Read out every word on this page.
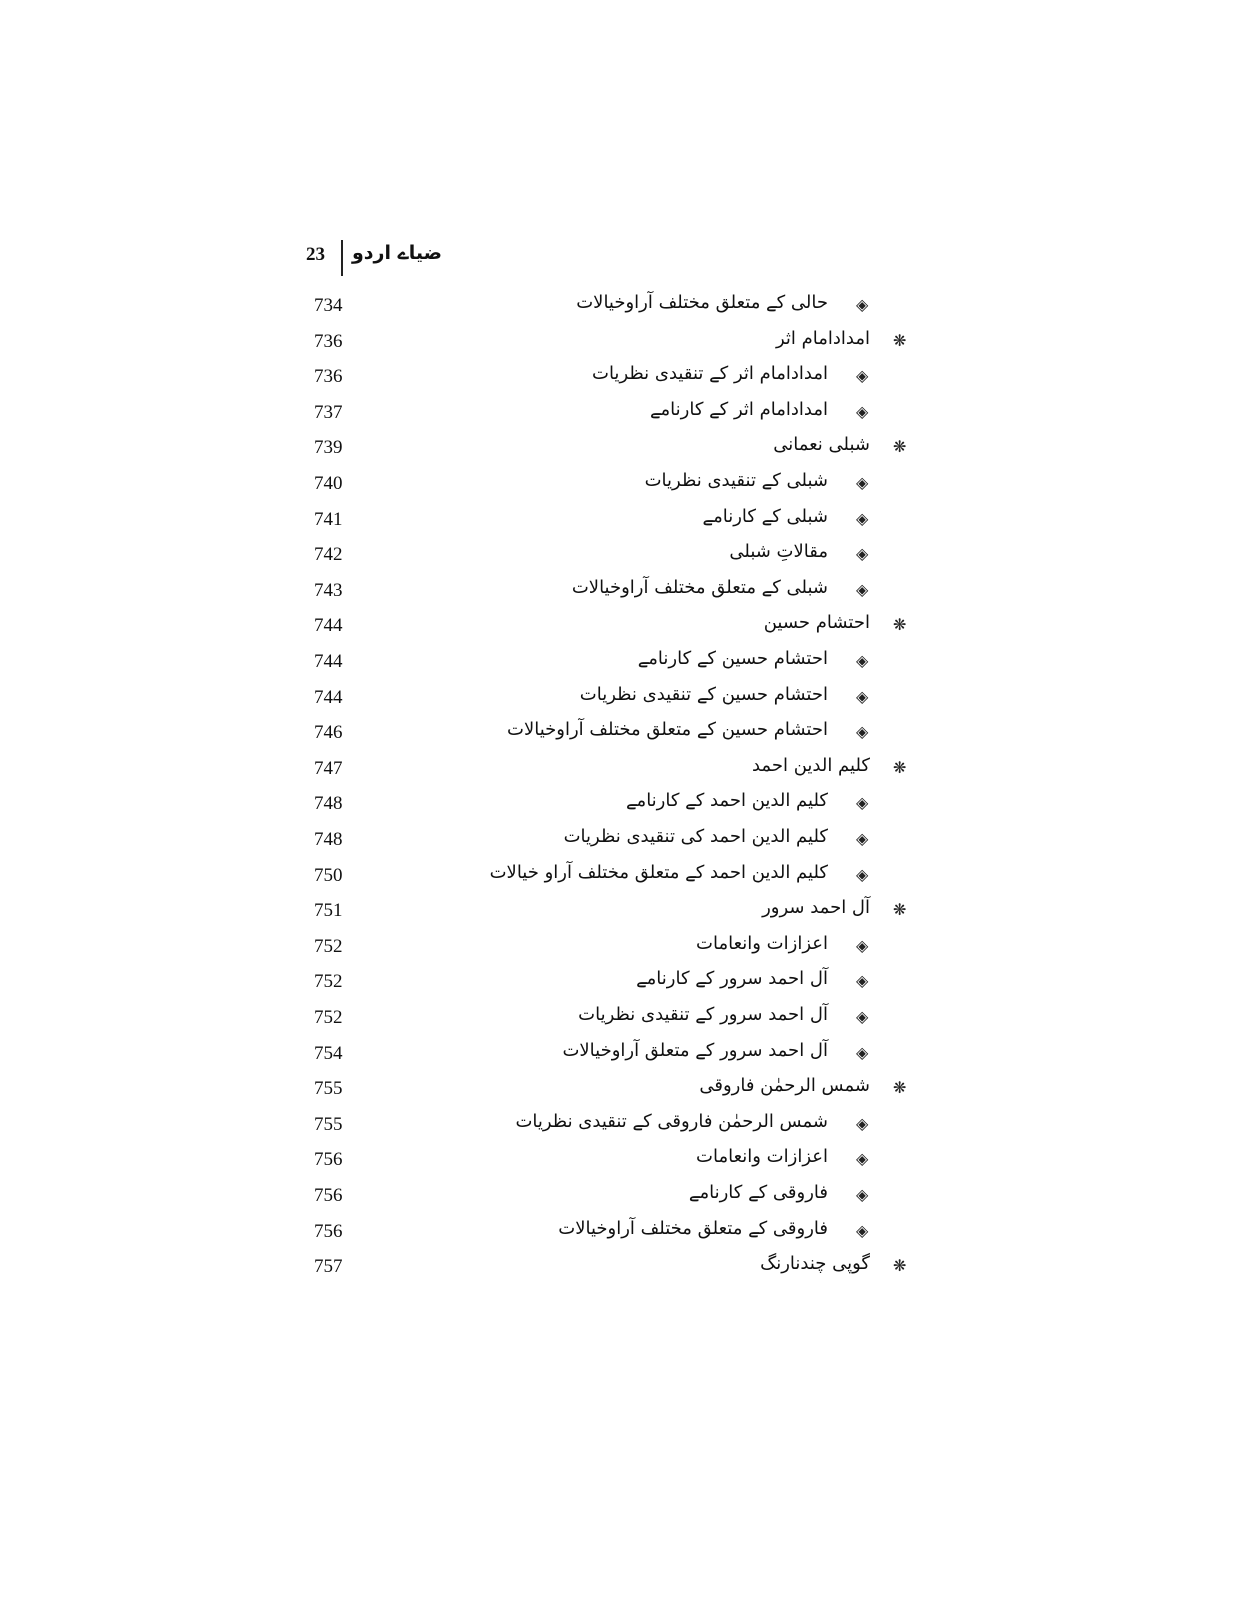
23 ضیاے اردو
734	حالی کے متعلق مختلف آراوخیالات ◈
736	امدادامام اثر ❋
736	امدادامام اثر کے تنقیدی نظریات ◈
737	امدادامام اثر کے کارنامے ◈
739	شبلی نعمانی ❋
740	شبلی کے تنقیدی نظریات ◈
741	شبلی کے کارنامے ◈
742	مقالاتِ شبلی ◈
743	شبلی کے متعلق مختلف آراوخیالات ◈
744	احتشام حسین ❋
744	احتشام حسین کے کارنامے ◈
744	احتشام حسین کے تنقیدی نظریات ◈
746	احتشام حسین کے متعلق مختلف آراوخیالات ◈
747	کلیم الدین احمد ❋
748	کلیم الدین احمد کے کارنامے ◈
748	کلیم الدین احمد کی تنقیدی نظریات ◈
750	کلیم الدین احمد کے متعلق مختلف آراو خیالات ◈
751	آل احمد سرور ❋
752	اعزازات وانعامات ◈
752	آل احمد سرور کے کارنامے ◈
752	آل احمد سرور کے تنقیدی نظریات ◈
754	آل احمد سرور کے متعلق آراوخیالات ◈
755	شمس الرحمٰن فاروقی ❋
755	شمس الرحمٰن فاروقی کے تنقیدی نظریات ◈
756	اعزازات وانعامات ◈
756	فاروقی کے کارنامے ◈
756	فاروقی کے متعلق مختلف آراوخیالات ◈
757	گوپی چندنارنگ ❋
